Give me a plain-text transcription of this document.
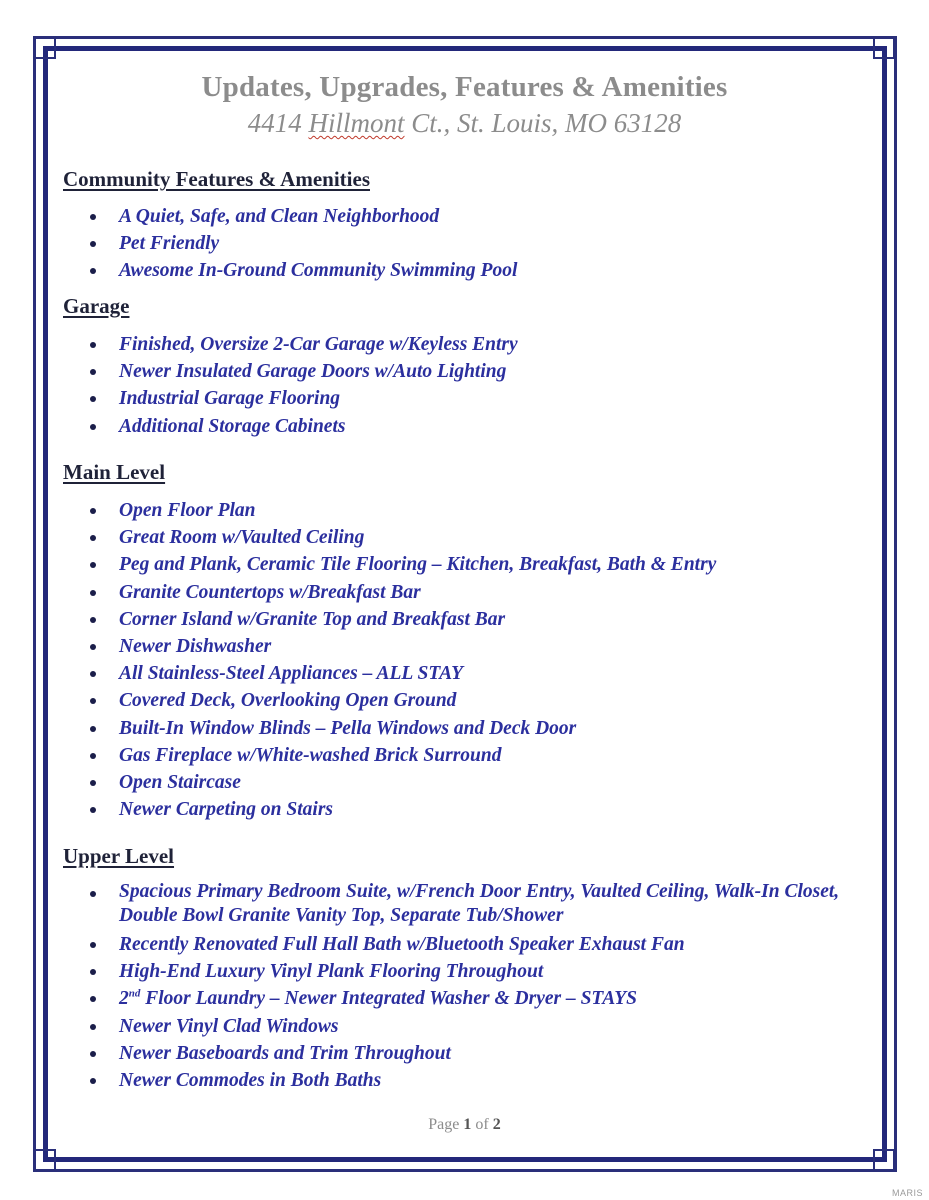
Updates, Upgrades, Features & Amenities
4414 Hillmont Ct., St. Louis, MO 63128
Community Features & Amenities
A Quiet, Safe, and Clean Neighborhood
Pet Friendly
Awesome In-Ground Community Swimming Pool
Garage
Finished, Oversize 2-Car Garage w/Keyless Entry
Newer Insulated Garage Doors w/Auto Lighting
Industrial Garage Flooring
Additional Storage Cabinets
Main Level
Open Floor Plan
Great Room w/Vaulted Ceiling
Peg and Plank, Ceramic Tile Flooring – Kitchen, Breakfast, Bath & Entry
Granite Countertops w/Breakfast Bar
Corner Island w/Granite Top and Breakfast Bar
Newer Dishwasher
All Stainless-Steel Appliances – ALL STAY
Covered Deck, Overlooking Open Ground
Built-In Window Blinds – Pella Windows and Deck Door
Gas Fireplace w/White-washed Brick Surround
Open Staircase
Newer Carpeting on Stairs
Upper Level
Spacious Primary Bedroom Suite, w/French Door Entry, Vaulted Ceiling, Walk-In Closet, Double Bowl Granite Vanity Top, Separate Tub/Shower
Recently Renovated Full Hall Bath w/Bluetooth Speaker Exhaust Fan
High-End Luxury Vinyl Plank Flooring Throughout
2nd Floor Laundry – Newer Integrated Washer & Dryer – STAYS
Newer Vinyl Clad Windows
Newer Baseboards and Trim Throughout
Newer Commodes in Both Baths
Page 1 of 2
MARIS
